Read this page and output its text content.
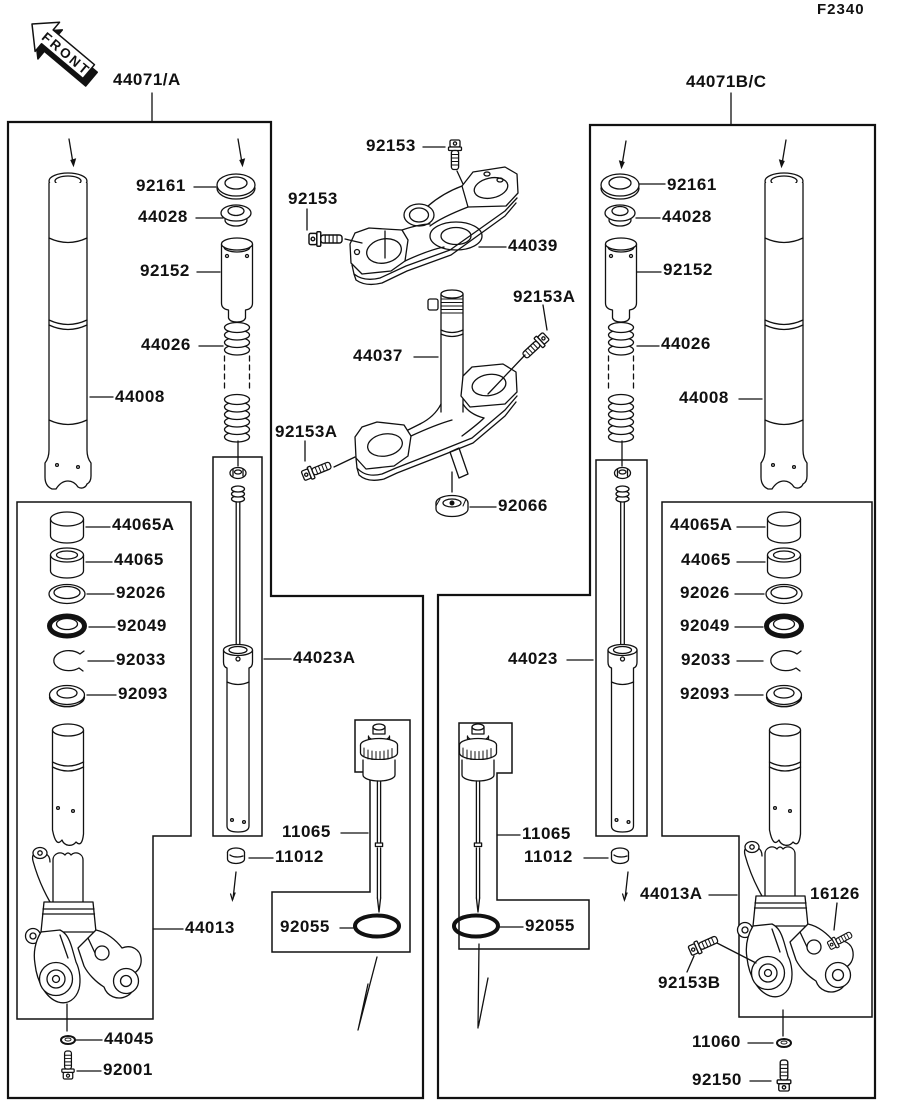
FRONT
92161
44028
92152
44026
44008
44065A
44065
92026
92049
92033
92093
44013
44045
92001
92153
92153
44039
92153A
44037
92153A
92066
44023A	44023
11065
11012
92055
11065
11012
92055
92161
44028
92152
44026
44008
44065A
44065
92026
92049
92033
92093
44013A	16126
92153B
11060
92150
F2340
44071/A	44071B/C
